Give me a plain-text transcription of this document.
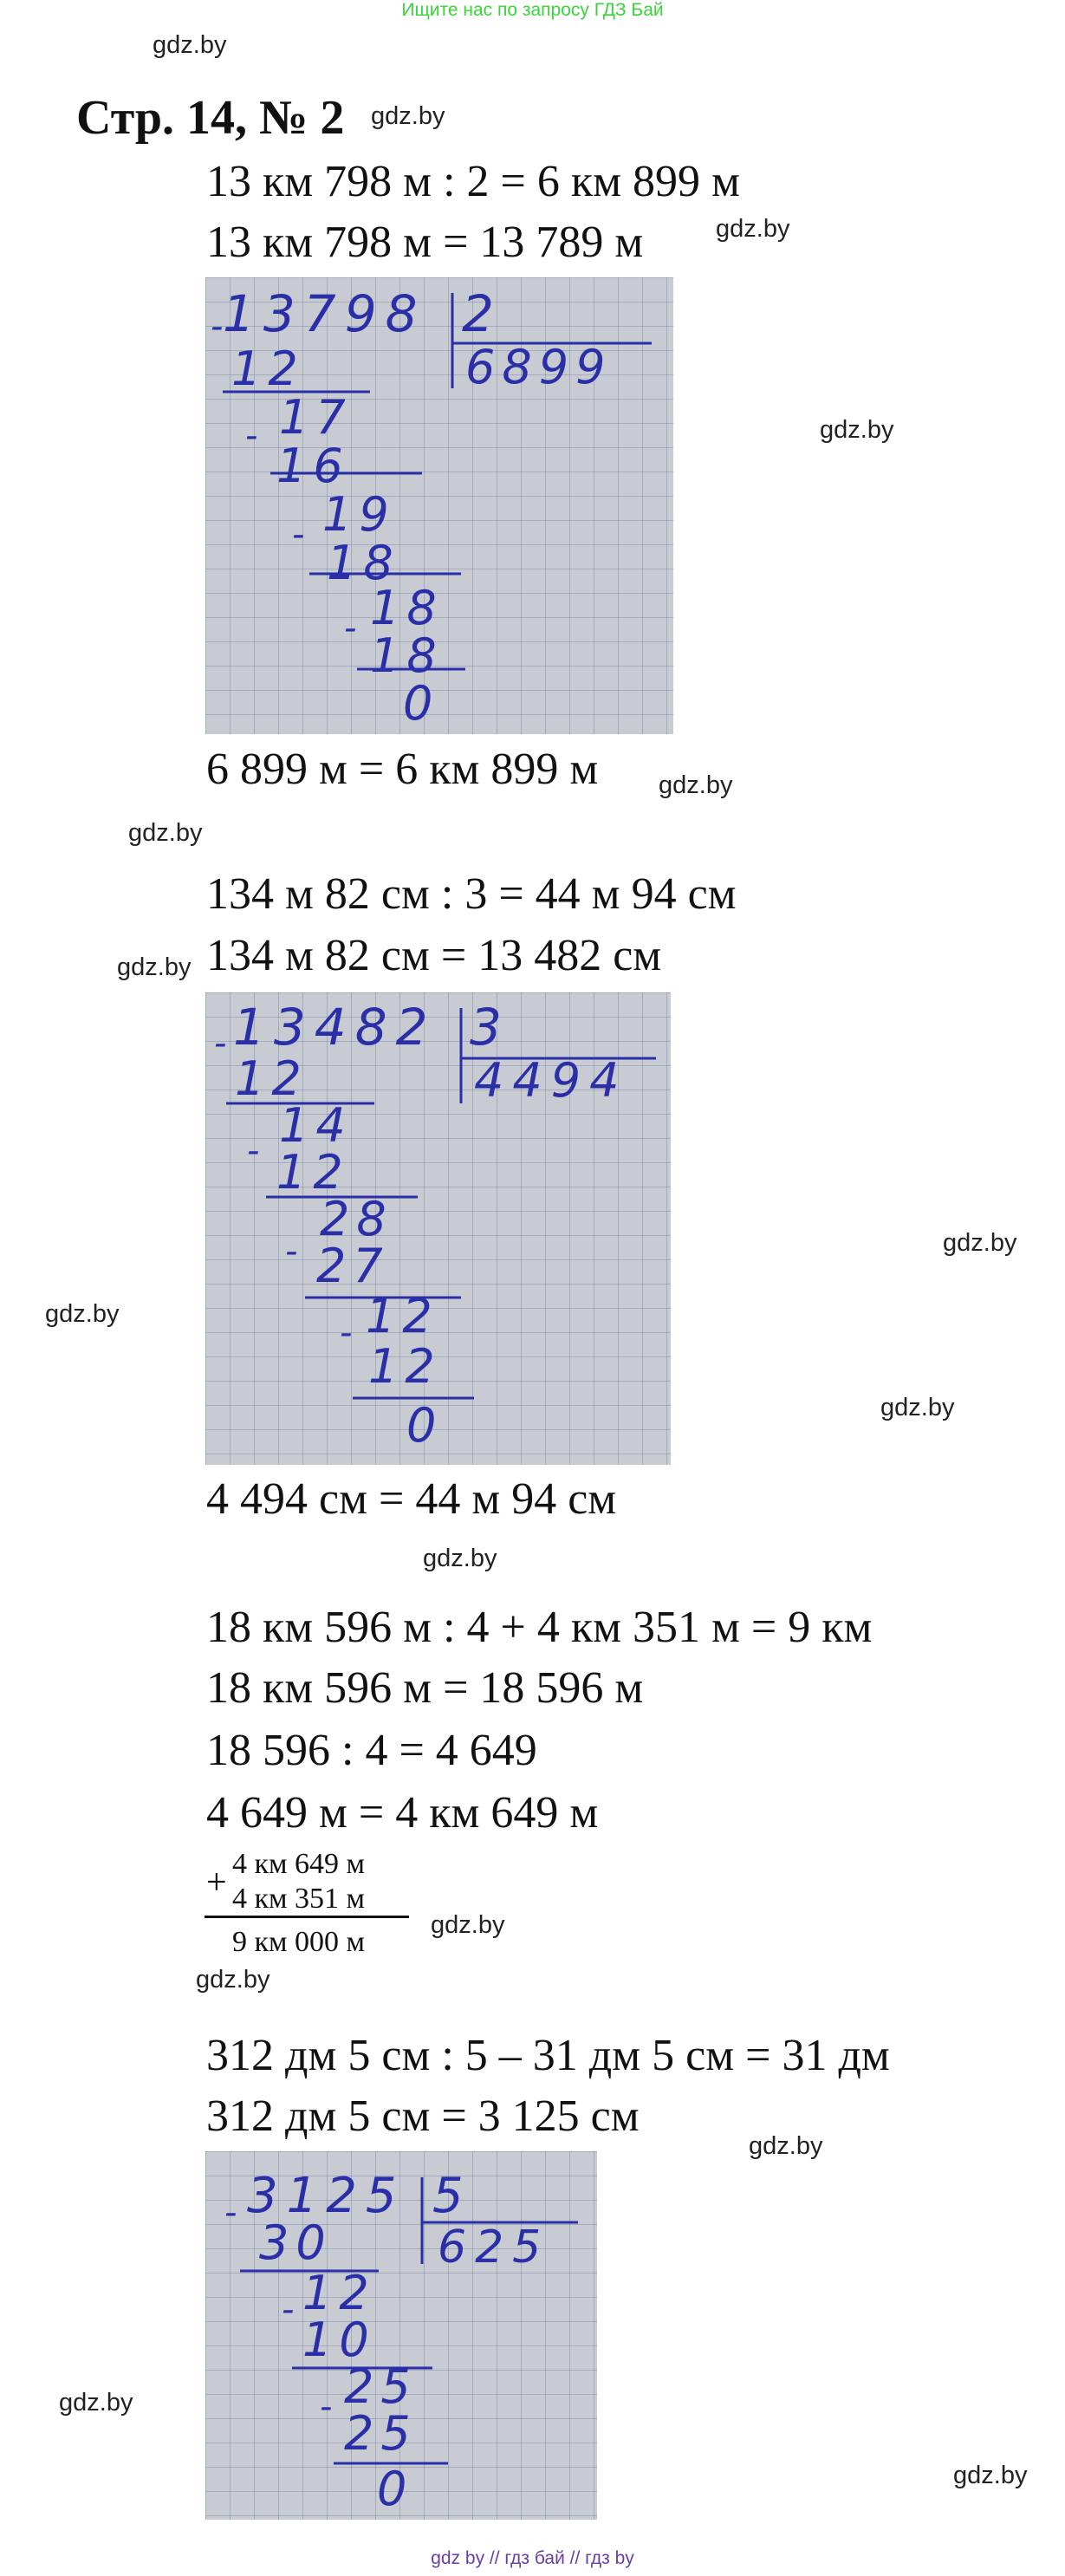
Ищите нас по запросу ГДЗ Бай
gdz.by
gdz.by
gdz.by
gdz.by
gdz.by
gdz.by
gdz.by
gdz.by
gdz.by
gdz.by
gdz.by
gdz.by
gdz.by
gdz.by
gdz.by
gdz.by
Стр. 14, № 2
13 км 798 м : 2 = 6 км 899 м
13 км 798 м = 13 789 м
13798 2
6899
-
12
17
-
16
19
-
18
18
- 18
0
6 899 м = 6 км 899 м
134 м 82 см : 3 = 44 м 94 см
134 м 82 см = 13 482 см
13482 3
4494
-
12
14
- 12
28
- 27
12
-
12
0
4 494 см = 44 м 94 см
18 км 596 м : 4 + 4 км 351 м = 9 км
18 км 596 м = 18 596 м
18 596 : 4 = 4 649
4 649 м = 4 км 649 м
+ 4 км 649 м
4 км 351 м
9 км 000 м
312 дм 5 см : 5 – 31 дм 5 см = 31 дм
312 дм 5 см = 3 125 см
3125 5
625
-
30
12
-
10
25
- 25
0
gdz by // гдз бай // гдз by
